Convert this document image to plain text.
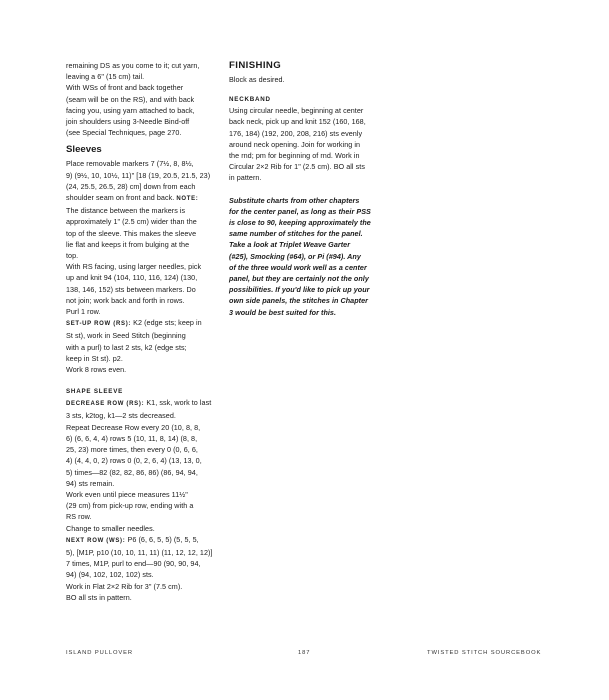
remaining DS as you come to it; cut yarn,

leaving a 6" (15 cm) tail.

With WSs of front and back together

(seam will be on the RS), and with back

facing you, using yarn attached to back,

join shoulders using 3-Needle Bind-off

(see Special Techniques, page 270.

Sleeves

Place removable markers 7 (7½, 8, 8½,

9) (9½, 10, 10½, 11)" [18 (19, 20.5, 21.5, 23)

(24, 25.5, 26.5, 28) cm] down from each

shoulder seam on front and back. NOTE:

The distance between the markers is

approximately 1" (2.5 cm) wider than the

top of the sleeve. This makes the sleeve

lie flat and keeps it from bulging at the

top.

With RS facing, using larger needles, pick

up and knit 94 (104, 110, 116, 124) (130,

138, 146, 152) sts between markers. Do

not join; work back and forth in rows.

Purl 1 row.

SET-UP ROW (RS): K2 (edge sts; keep in

St st), work in Seed Stitch (beginning

with a purl) to last 2 sts, k2 (edge sts;

keep in St st). p2.

Work 8 rows even.

SHAPE SLEEVE

DECREASE ROW (RS): K1, ssk, work to last

3 sts, k2tog, k1—2 sts decreased.

Repeat Decrease Row every 20 (10, 8, 8,

6) (6, 6, 4, 4) rows 5 (10, 11, 8, 14) (8, 8,

25, 23) more times, then every 0 (0, 6, 6,

4) (4, 4, 0, 2) rows 0 (0, 2, 6, 4) (13, 13, 0,

5) times—82 (82, 82, 86, 86) (86, 94, 94,

94) sts remain.

Work even until piece measures 11½"

(29 cm) from pick-up row, ending with a

RS row.

Change to smaller needles.

NEXT ROW (WS): P6 (6, 6, 5, 5) (5, 5, 5,

5), [M1P, p10 (10, 10, 11, 11) (11, 12, 12, 12)]

7 times, M1P, purl to end—90 (90, 90, 94,

94) (94, 102, 102, 102) sts.

Work in Flat 2×2 Rib for 3" (7.5 cm).

BO all sts in pattern.

FINISHING

Block as desired.

NECKBAND

Using circular needle, beginning at center

back neck, pick up and knit 152 (160, 168,

176, 184) (192, 200, 208, 216) sts evenly

around neck opening. Join for working in

the rnd; pm for beginning of rnd. Work in

Circular 2×2 Rib for 1" (2.5 cm). BO all sts

in pattern.

Substitute charts from other chapters

for the center panel, as long as their PSS

is close to 90, keeping approximately the

same number of stitches for the panel.

Take a look at Triplet Weave Garter

(#25), Smocking (#64), or Pi (#94). Any

of the three would work well as a center

panel, but they are certainly not the only

possibilities. If you'd like to pick up your

own side panels, the stitches in Chapter

3 would be best suited for this.

ISLAND PULLOVER	187	TWISTED STITCH SOURCEBOOK
